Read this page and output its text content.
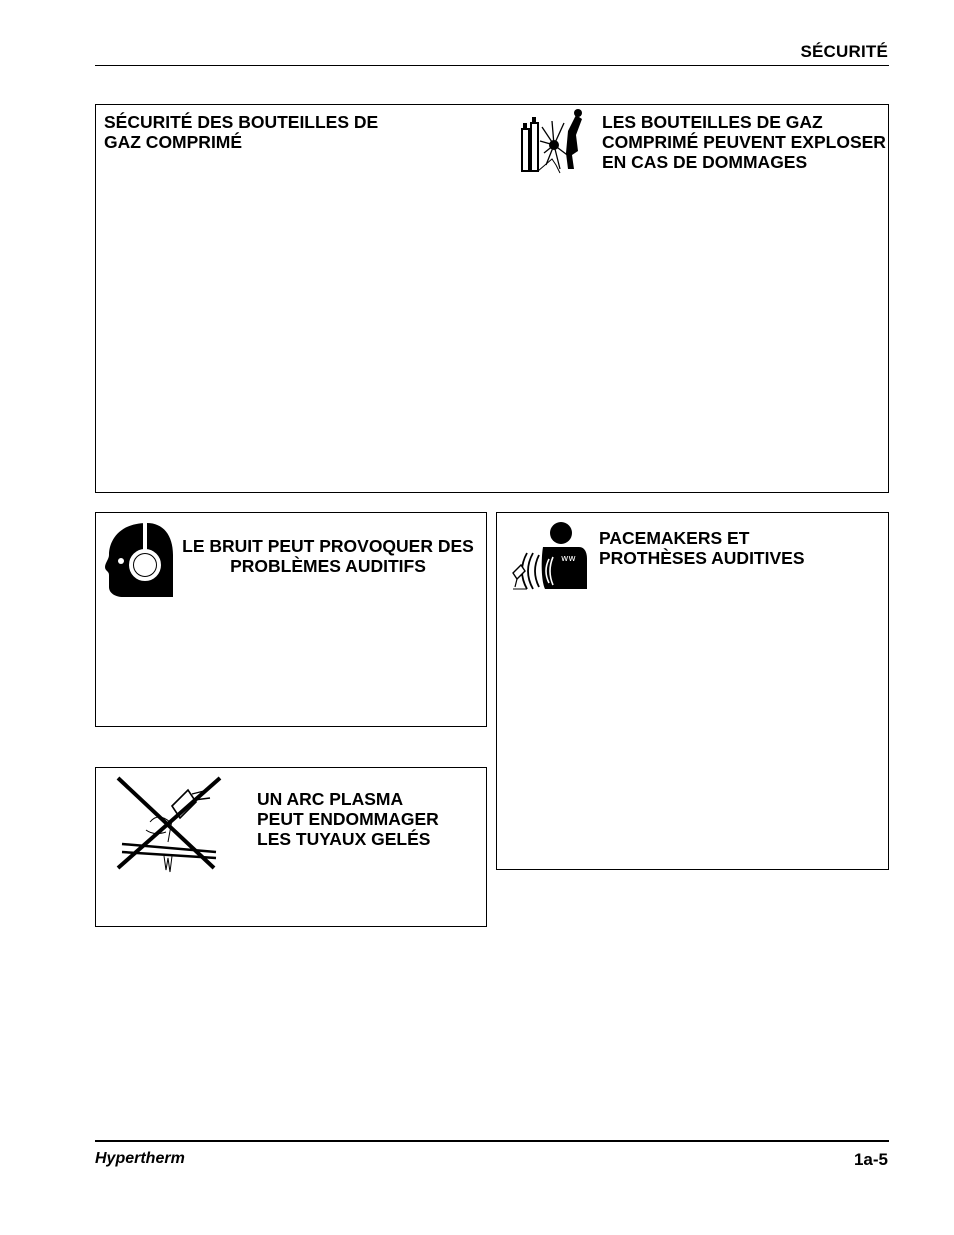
SÉCURITÉ
SÉCURITÉ DES BOUTEILLES DE
GAZ COMPRIMÉ
LES BOUTEILLES DE GAZ
COMPRIMÉ PEUVENT EXPLOSER
EN CAS DE DOMMAGES
LE BRUIT PEUT PROVOQUER DES
PROBLÈMES AUDITIFS	ww
PACEMAKERS ET
PROTHÈSES AUDITIVES
UN ARC PLASMA
PEUT ENDOMMAGER
LES TUYAUX GELÉS
Hypertherm	1a-5
